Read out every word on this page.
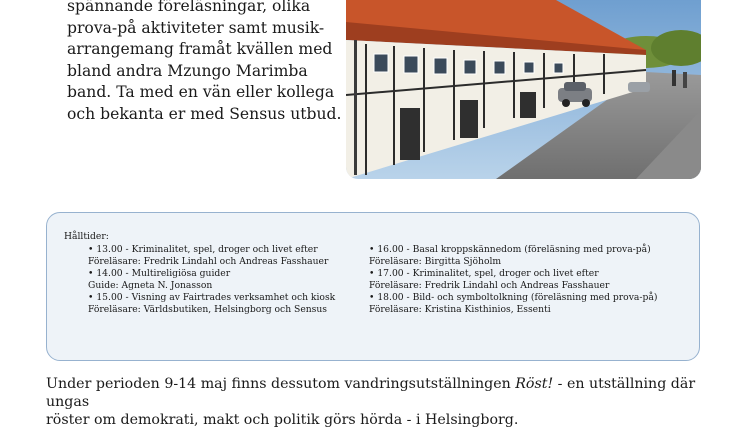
spännande föreläsningar, olika

prova-på aktiviteter samt musik-

arrangemang framåt kvällen med

bland andra Mzungo Marimba

band. Ta med en vän eller kollega

och bekanta er med Sensus utbud.

Hålltider:
• 13.00 - Kriminalitet, spel, droger och livet efter
Föreläsare: Fredrik Lindahl och Andreas Fasshauer
• 14.00 - Multireligiösa guider
Guide: Agneta N. Jonasson
• 15.00 - Visning av Fairtrades verksamhet och kiosk
Föreläsare: Världsbutiken, Helsingborg och Sensus
• 16.00 - Basal kroppskännedom (föreläsning med prova-på)
Föreläsare: Birgitta Sjöholm
• 17.00 - Kriminalitet, spel, droger och livet efter
Föreläsare: Fredrik Lindahl och Andreas Fasshauer
• 18.00 - Bild- och symboltolkning (föreläsning med prova-på)
Föreläsare: Kristina Kisthinios, Essenti

Under perioden 9-14 maj finns dessutom vandringsutställningen Röst! - en utställning där ungas

röster om demokrati, makt och politik görs hörda - i Helsingborg.
